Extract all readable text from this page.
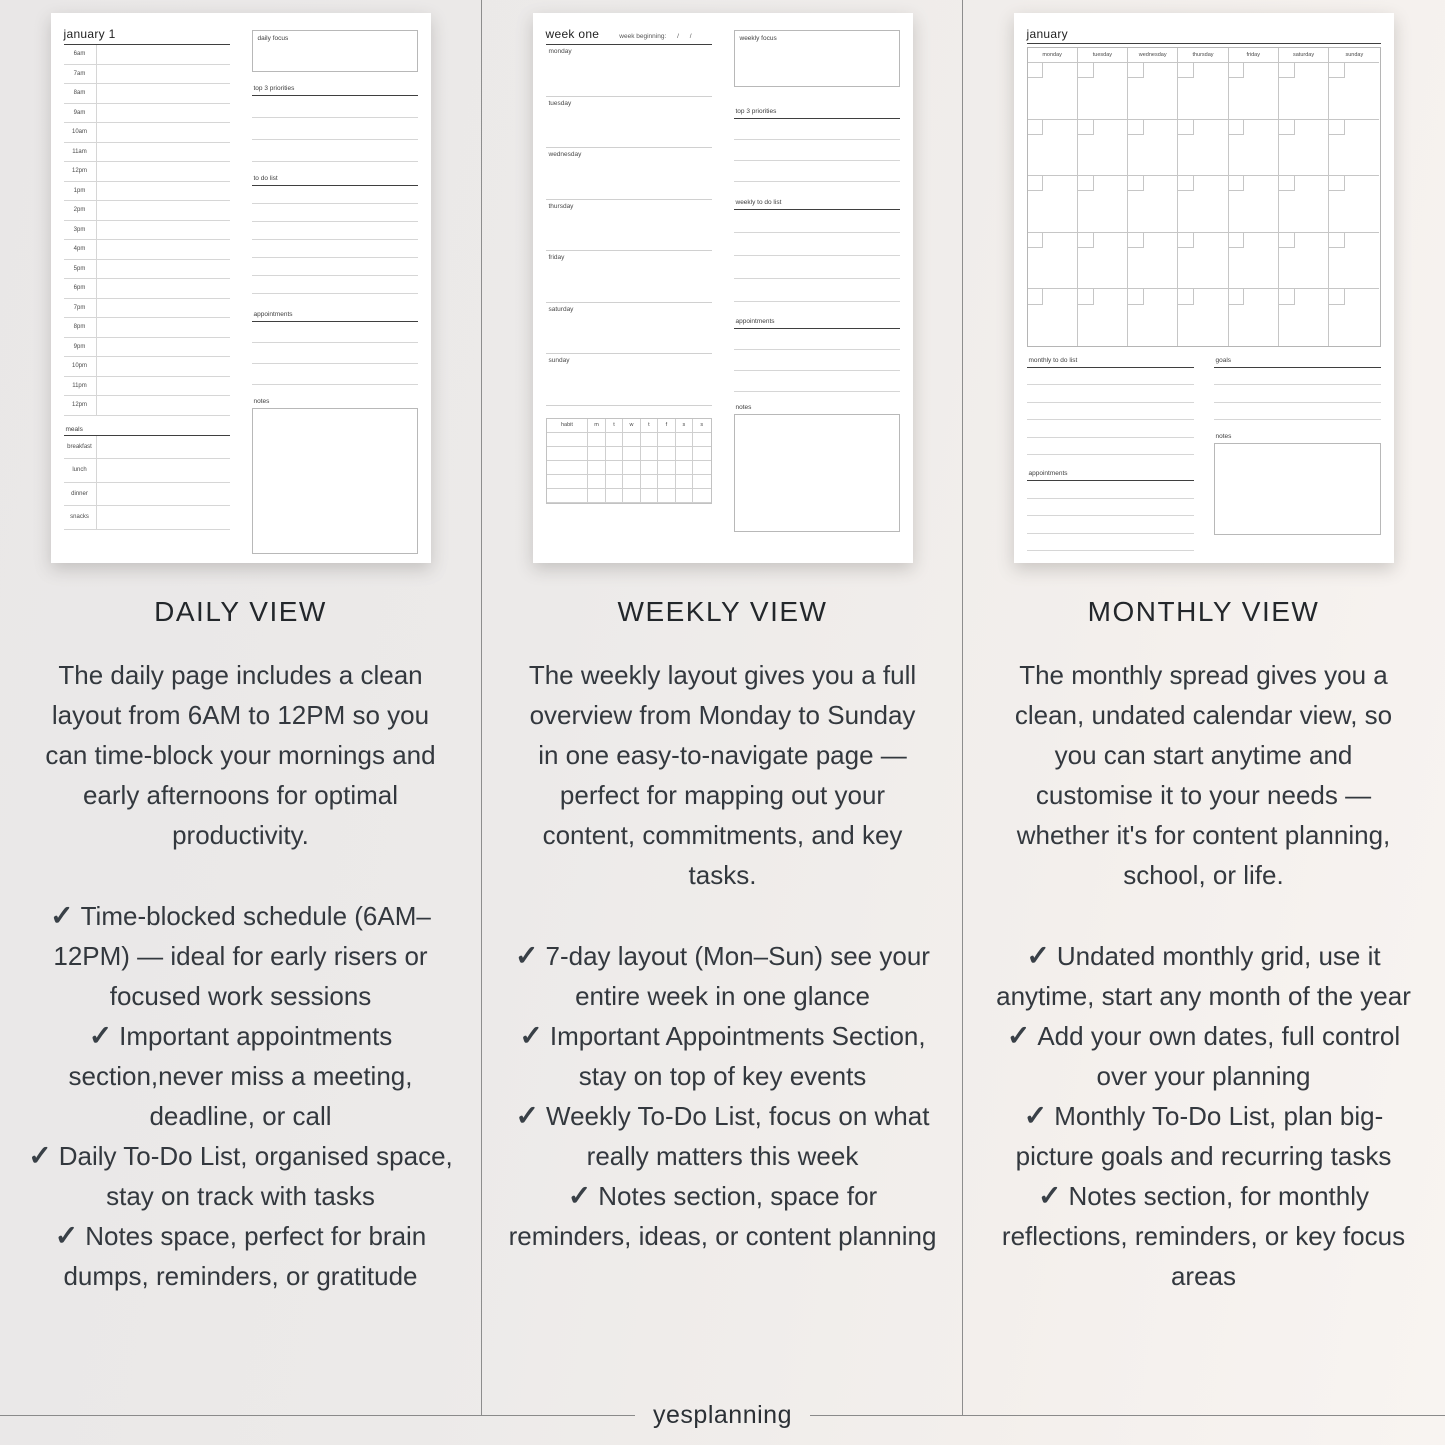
january 1
6am
7am
8am
9am
10am
11am
12pm
1pm
2pm
3pm
4pm
5pm
6pm
7pm
8pm
9pm
10pm
11pm
12pm
meals
breakfast
lunch
dinner
snacks
daily focus
top 3 priorities
to do list
appointments
notes
DAILY VIEW

The daily page includes a clean layout from 6AM to 12PM so you can time-block your mornings and early afternoons for optimal productivity.

✓ Time-blocked schedule (6AM–12PM) — ideal for early risers or focused work sessions
✓ Important appointments section,never miss a meeting, deadline, or call
✓ Daily To-Do List, organised space, stay on track with tasks
✓ Notes space, perfect for brain dumps, reminders, or gratitude
week one	week beginning:      /      /
monday
tuesday
wednesday
thursday
friday
saturday
sunday
habit	m	t	w	t	f	s	s
weekly focus
top 3 priorities
weekly to do list
appointments
notes
WEEKLY VIEW

The weekly layout gives you a full overview from Monday to Sunday in one easy-to-navigate page — perfect for mapping out your content, commitments, and key tasks.

✓ 7-day layout (Mon–Sun) see your entire week in one glance
✓ Important Appointments Section, stay on top of key events
✓ Weekly To-Do List, focus on what really matters this week
✓ Notes section, space for reminders, ideas, or content planning
january
monday	tuesday	wednesday	thursday	friday	saturday	sunday
monthly to do list
appointments
goals
notes
MONTHLY VIEW

The monthly spread gives you a clean, undated calendar view, so you can start anytime and customise it to your needs — whether it's for content planning, school, or life.

✓ Undated monthly grid, use it anytime, start any month of the year
✓ Add your own dates, full control over your planning
✓ Monthly To-Do List, plan big-picture goals and recurring tasks
✓ Notes section, for monthly reflections, reminders, or key focus areas
yesplanning
